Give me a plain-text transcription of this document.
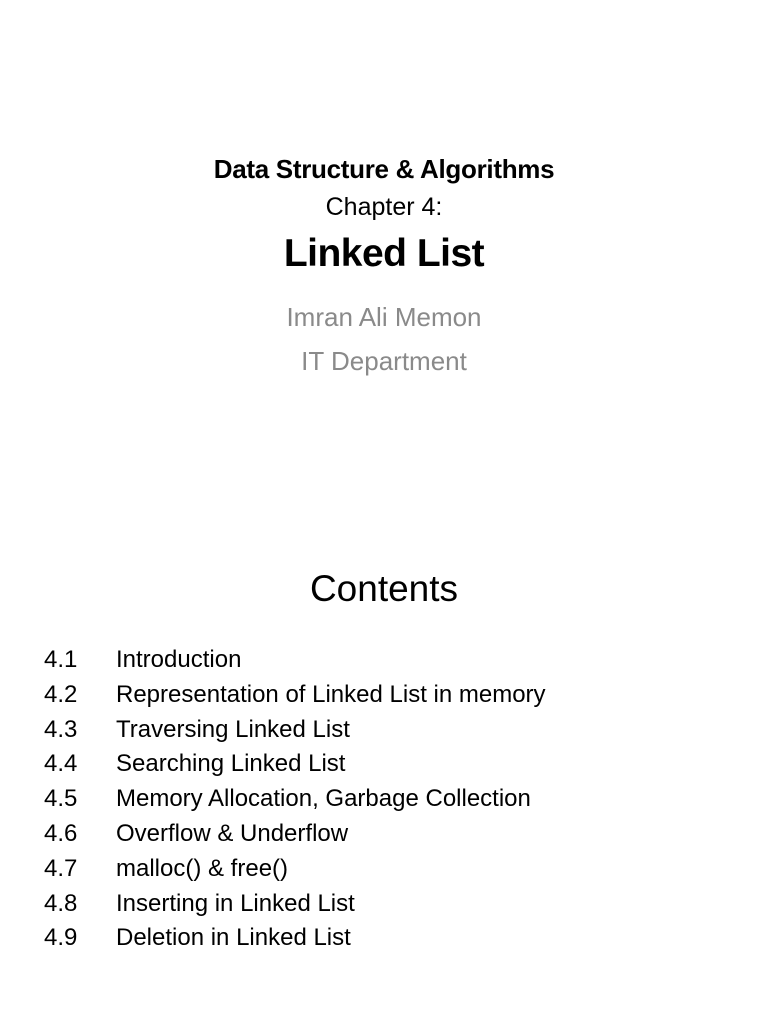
Data Structure & Algorithms
Chapter 4:
Linked List
Imran Ali Memon
IT Department
Contents
4.1 Introduction
4.2 Representation of Linked List in memory
4.3 Traversing Linked List
4.4 Searching Linked List
4.5 Memory Allocation, Garbage Collection
4.6 Overflow & Underflow
4.7 malloc() & free()
4.8 Inserting in Linked List
4.9 Deletion in Linked List
